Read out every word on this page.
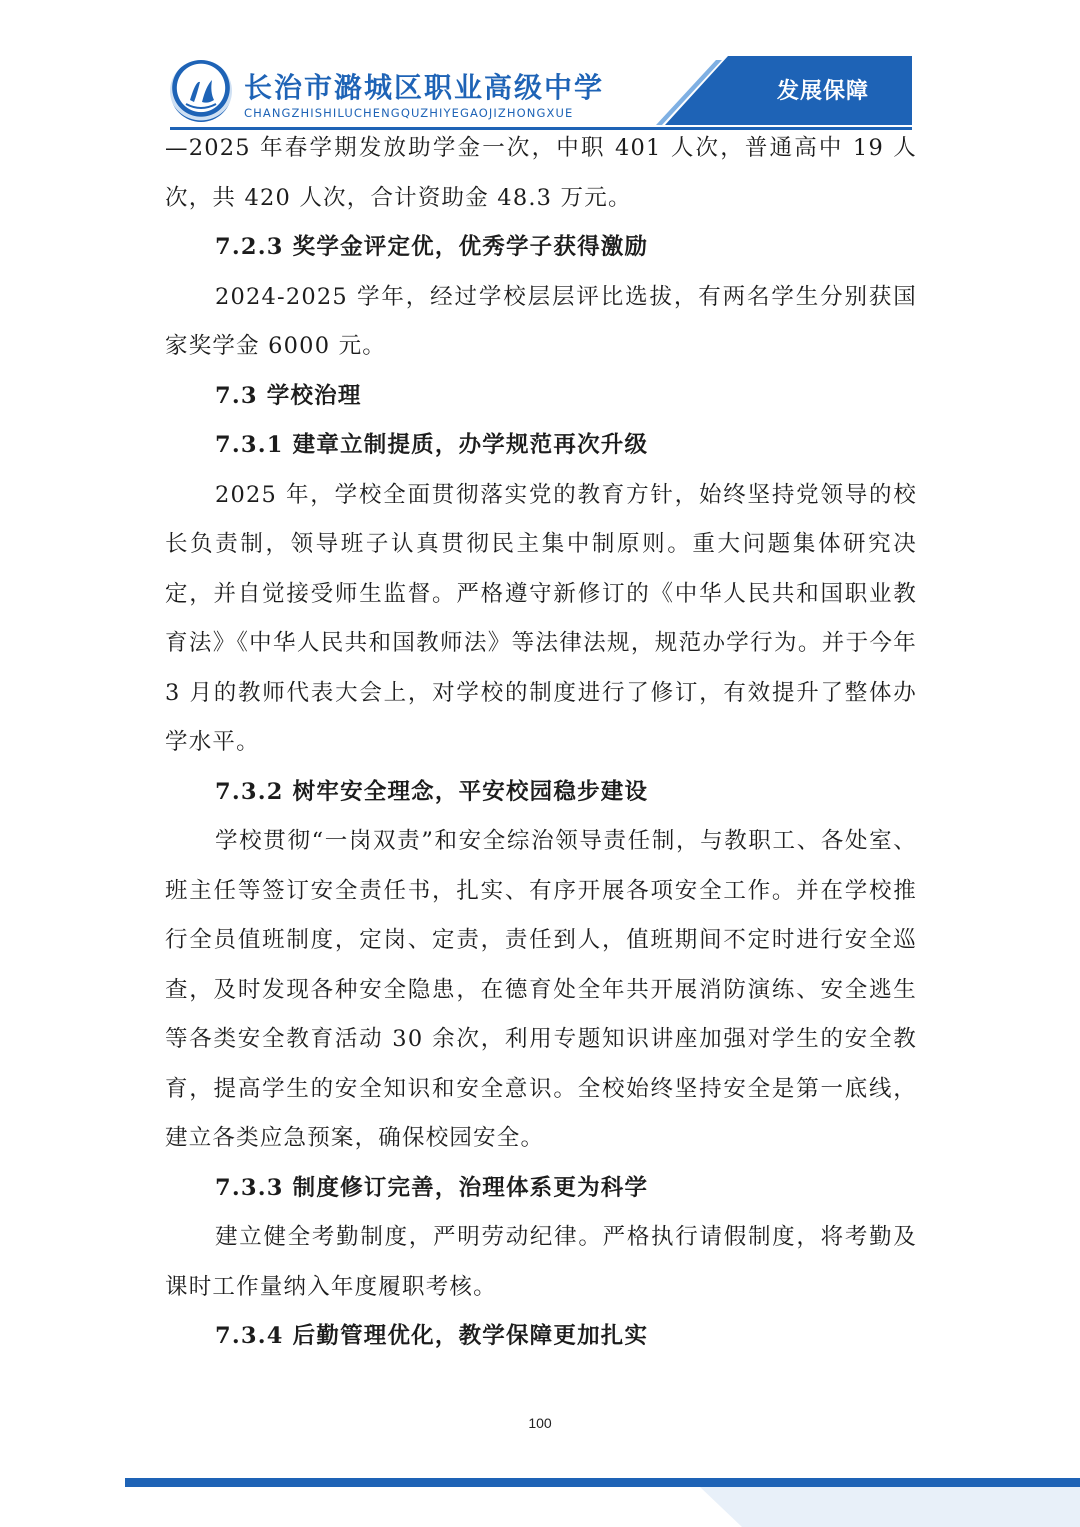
长治市潞城区职业高级中学
CHANGZHISHILUCHENGQUZHIYEGAOJIZHONGXUE
发展保障

—2025 年春学期发放助学金一次，中职 401 人次，普通高中 19 人次，共 420 人次，合计资助金 48.3 万元。

7.2.3 奖学金评定优，优秀学子获得激励

2024-2025 学年，经过学校层层评比选拔，有两名学生分别获国家奖学金 6000 元。

7.3 学校治理

7.3.1 建章立制提质，办学规范再次升级

2025 年，学校全面贯彻落实党的教育方针，始终坚持党领导的校长负责制，领导班子认真贯彻民主集中制原则。重大问题集体研究决定，并自觉接受师生监督。严格遵守新修订的《中华人民共和国职业教育法》《中华人民共和国教师法》等法律法规，规范办学行为。并于今年 3 月的教师代表大会上，对学校的制度进行了修订，有效提升了整体办学水平。

7.3.2 树牢安全理念，平安校园稳步建设

学校贯彻“一岗双责”和安全综治领导责任制，与教职工、各处室、班主任等签订安全责任书，扎实、有序开展各项安全工作。并在学校推行全员值班制度，定岗、定责，责任到人，值班期间不定时进行安全巡查，及时发现各种安全隐患，在德育处全年共开展消防演练、安全逃生等各类安全教育活动 30 余次，利用专题知识讲座加强对学生的安全教育，提高学生的安全知识和安全意识。全校始终坚持安全是第一底线，建立各类应急预案，确保校园安全。

7.3.3 制度修订完善，治理体系更为科学

建立健全考勤制度，严明劳动纪律。严格执行请假制度，将考勤及课时工作量纳入年度履职考核。

7.3.4 后勤管理优化，教学保障更加扎实

100
